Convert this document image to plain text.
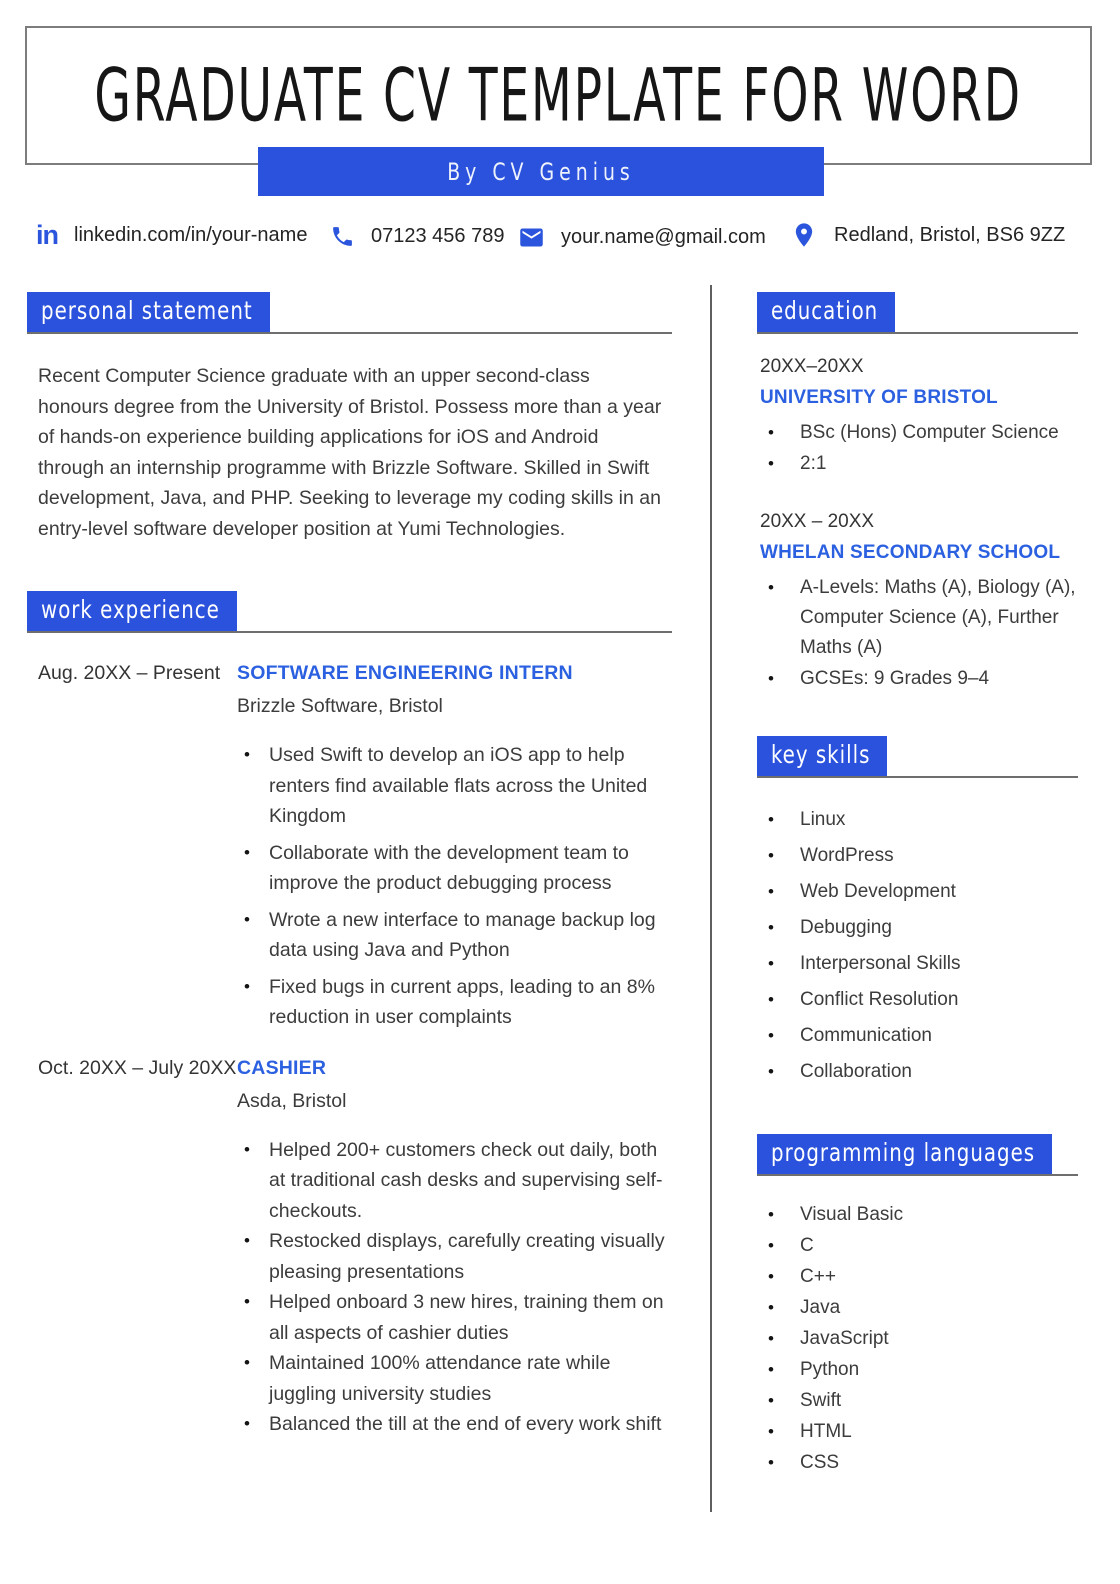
GRADUATE CV TEMPLATE FOR WORD
By CV Genius
in linkedin.com/in/your-name	07123 456 789	your.name@gmail.com	Redland, Bristol, BS6 9ZZ
personal statement

Recent Computer Science graduate with an upper second-class honours degree from the University of Bristol. Possess more than a year of hands-on experience building applications for iOS and Android through an internship programme with Brizzle Software. Skilled in Swift development, Java, and PHP. Seeking to leverage my coding skills in an entry-level software developer position at Yumi Technologies.

work experience
Aug. 20XX – Present SOFTWARE ENGINEERING INTERN
Brizzle Software, Bristol
• Used Swift to develop an iOS app to help renters find available flats across the United Kingdom
• Collaborate with the development team to improve the product debugging process
• Wrote a new interface to manage backup log data using Java and Python
• Fixed bugs in current apps, leading to an 8% reduction in user complaints
Oct. 20XX – July 20XX CASHIER
Asda, Bristol
• Helped 200+ customers check out daily, both at traditional cash desks and supervising self-checkouts.
• Restocked displays, carefully creating visually pleasing presentations
• Helped onboard 3 new hires, training them on all aspects of cashier duties
• Maintained 100% attendance rate while juggling university studies
• Balanced the till at the end of every work shift
education
20XX–20XX
UNIVERSITY OF BRISTOL
•	BSc (Hons) Computer Science
•	2:1
20XX – 20XX
WHELAN SECONDARY SCHOOL
•	A-Levels: Maths (A), Biology (A), Computer Science (A), Further Maths (A)
•	GCSEs: 9 Grades 9–4
key skills
•	Linux
•	WordPress
•	Web Development
•	Debugging
•	Interpersonal Skills
•	Conflict Resolution
•	Communication
•	Collaboration
programming languages
•	Visual Basic
•	C
•	C++
•	Java
•	JavaScript
•	Python
•	Swift
•	HTML
•	CSS
